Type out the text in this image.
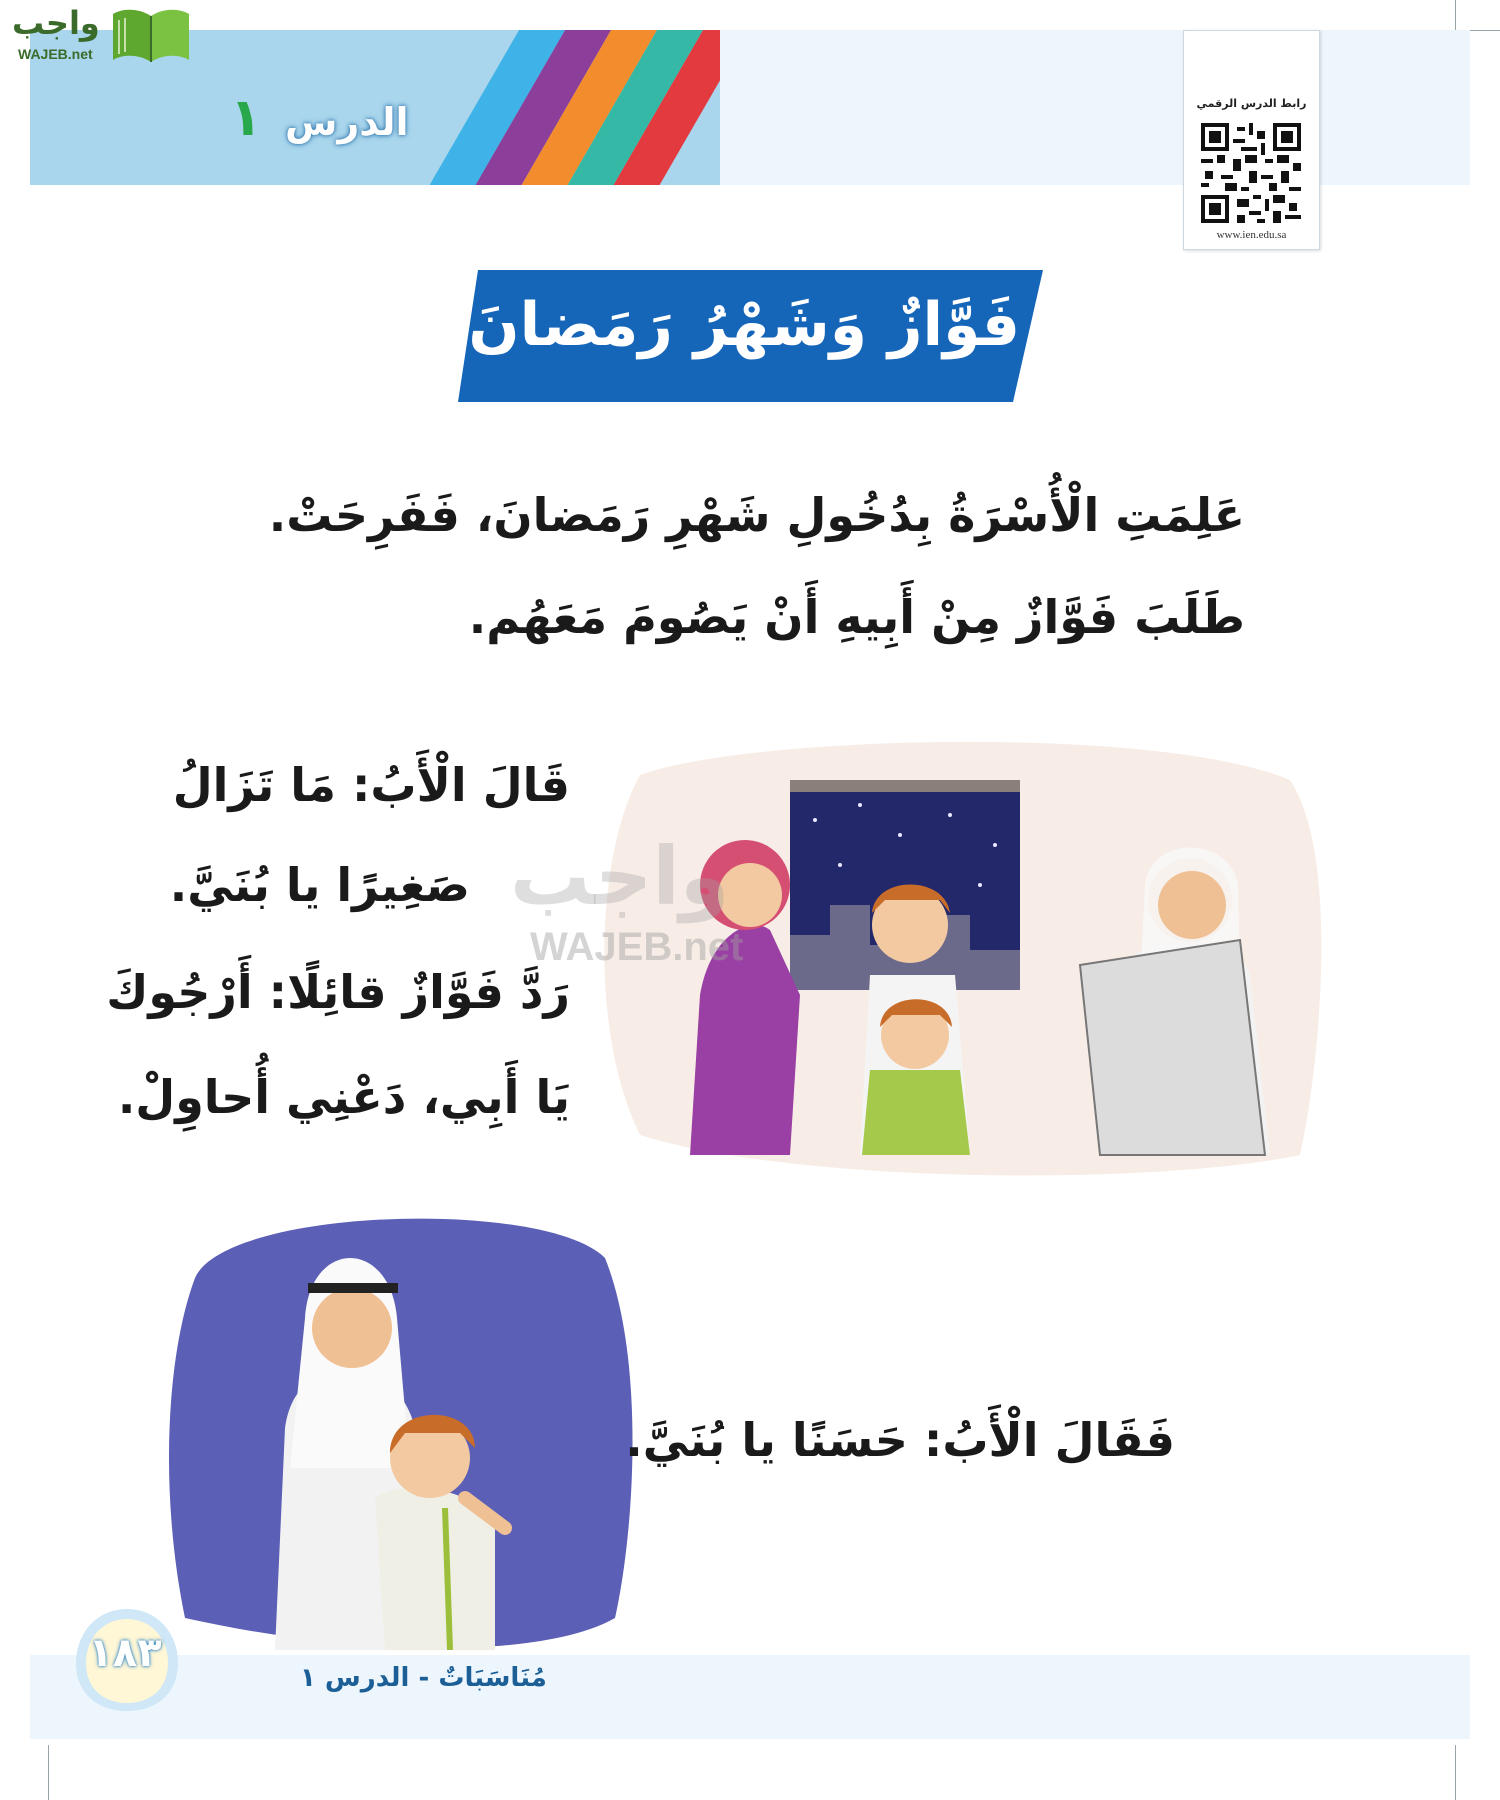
الدرس ١
واجب
WAJEB.net
رابط الدرس الرقمي
www.ien.edu.sa
فَوَّازٌ وَشَهْرُ رَمَضانَ
عَلِمَتِ الْأُسْرَةُ بِدُخُولِ شَهْرِ رَمَضانَ، فَفَرِحَتْ.
طَلَبَ فَوَّازٌ مِنْ أَبِيهِ أَنْ يَصُومَ مَعَهُم.
قَالَ الْأَبُ: مَا تَزَالُ
صَغِيرًا يا بُنَيَّ.
رَدَّ فَوَّازٌ قائِلًا: أَرْجُوكَ
يَا أَبِي، دَعْنِي أُحاوِلْ.
واجب
WAJEB.net
فَقَالَ الْأَبُ: حَسَنًا يا بُنَيَّ.
١٨٣
مُنَاسَبَاتٌ - الدرس ١
